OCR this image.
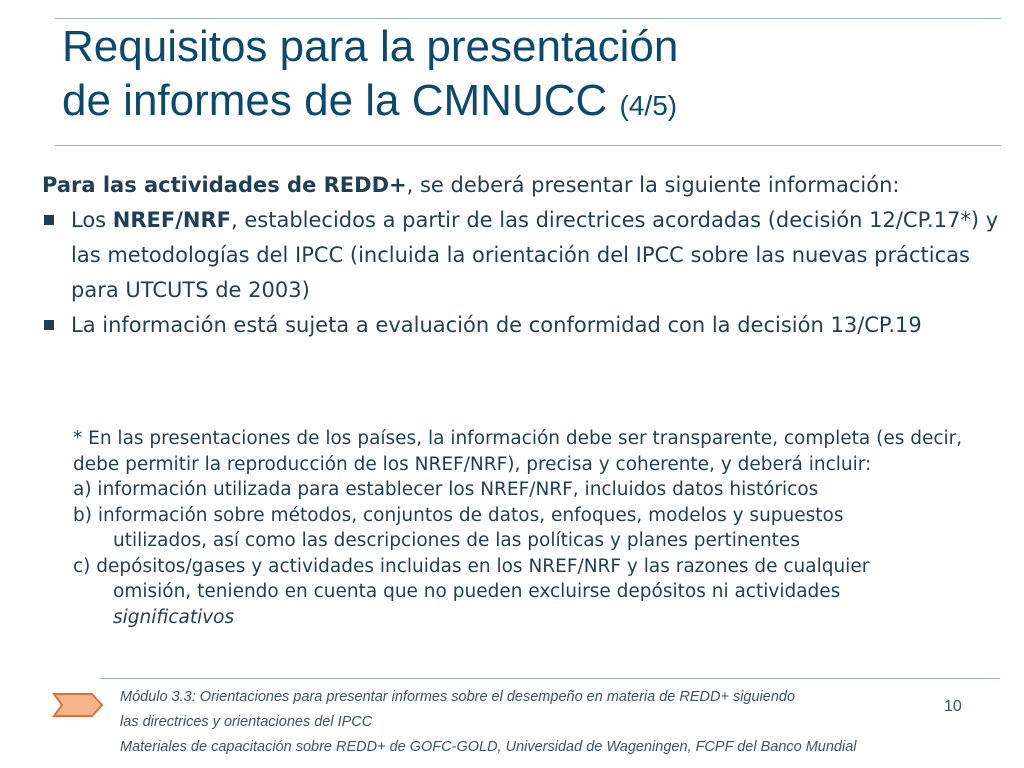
Requisitos para la presentación
de informes de la CMNUCC (4/5)

Para las actividades de REDD+, se deberá presentar la siguiente información:

Los NREF/NRF, establecidos a partir de las directrices acordadas (decisión 12/CP.17*) y las metodologías del IPCC (incluida la orientación del IPCC sobre las nuevas prácticas para UTCUTS de 2003)
La información está sujeta a evaluación de conformidad con la decisión 13/CP.19
* En las presentaciones de los países, la información debe ser transparente, completa (es decir, debe permitir la reproducción de los NREF/NRF), precisa y coherente, y deberá incluir:
a) información utilizada para establecer los NREF/NRF, incluidos datos históricos
b) información sobre métodos, conjuntos de datos, enfoques, modelos y supuestos
utilizados, así como las descripciones de las políticas y planes pertinentes
c) depósitos/gases y actividades incluidas en los NREF/NRF y las razones de cualquier
omisión, teniendo en cuenta que no pueden excluirse depósitos ni actividades
significativos
Módulo 3.3: Orientaciones para presentar informes sobre el desempeño en materia de REDD+ siguiendo
las directrices y orientaciones del IPCC
Materiales de capacitación sobre REDD+ de GOFC-GOLD, Universidad de Wageningen, FCPF del Banco Mundial
10
